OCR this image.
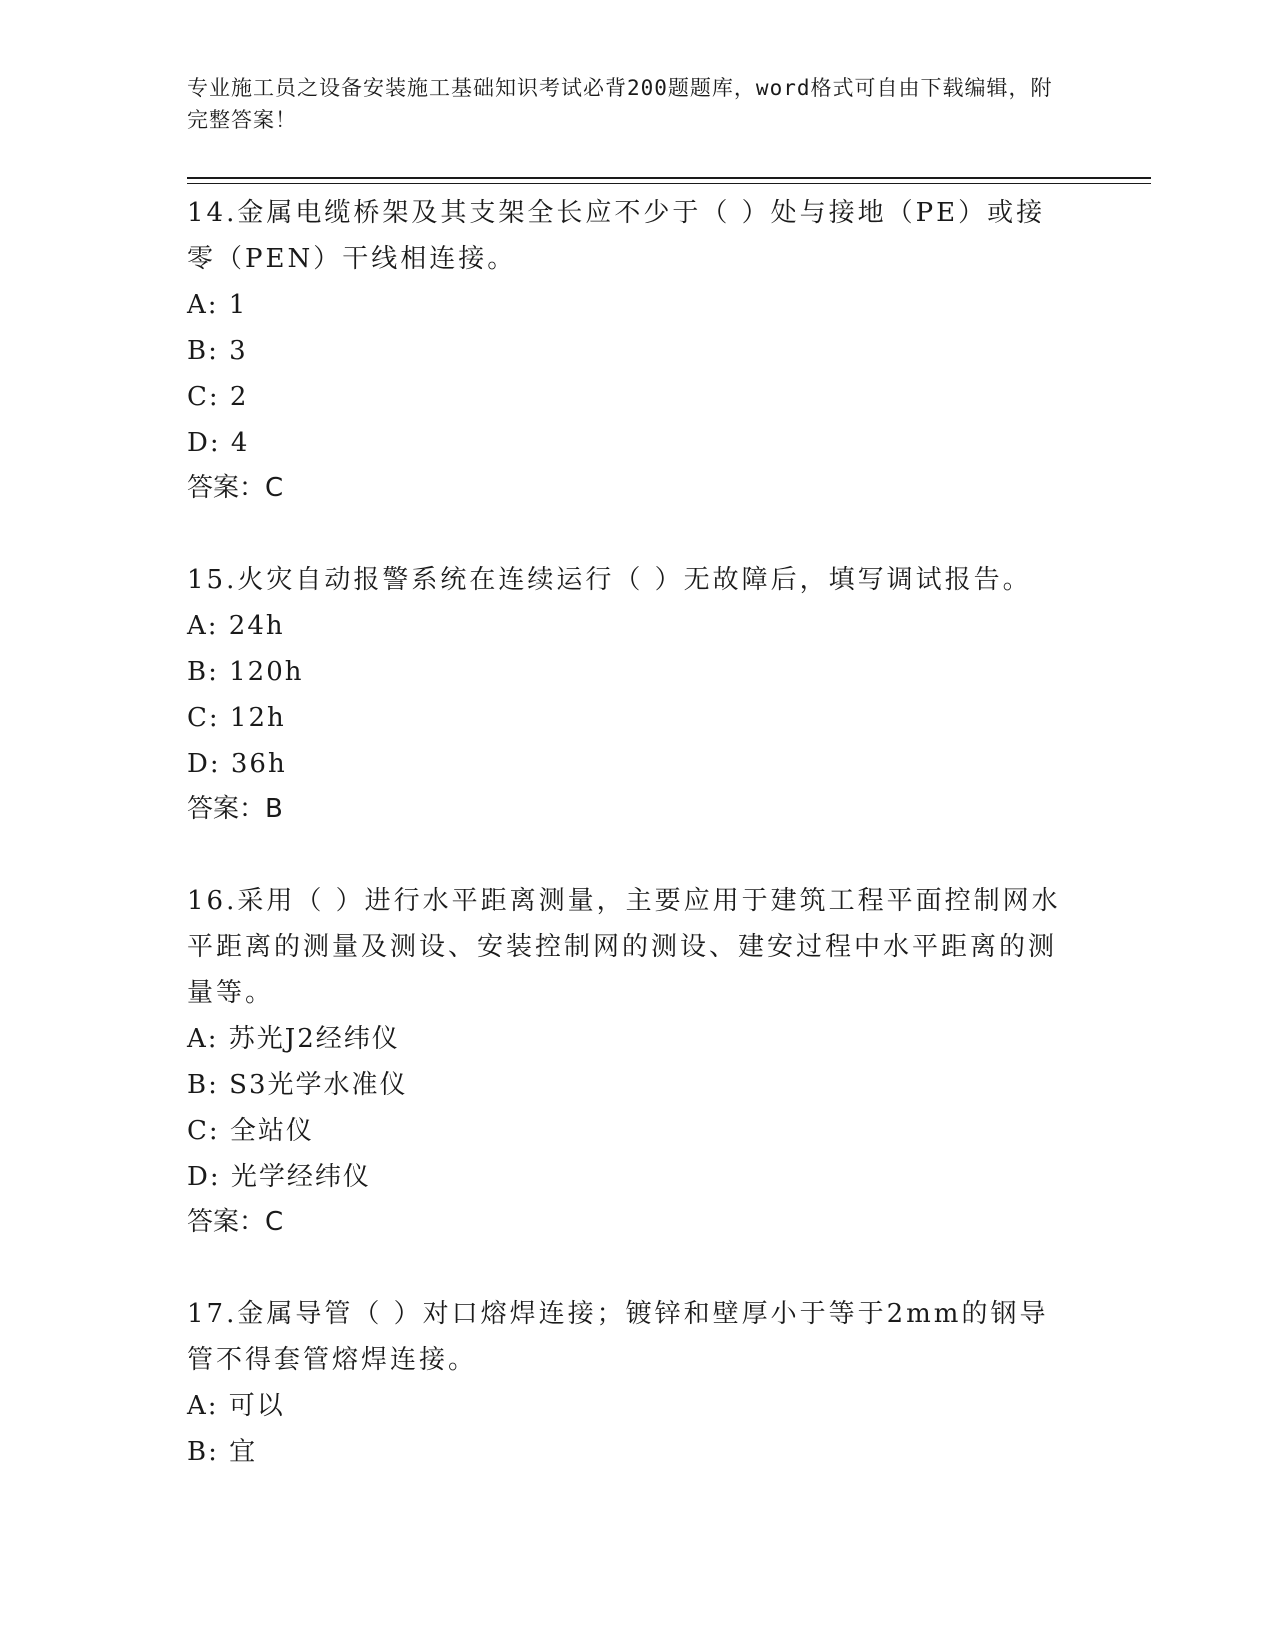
专业施工员之设备安装施工基础知识考试必背200题题库，word格式可自由下载编辑，附完整答案！

14.金属电缆桥架及其支架全长应不少于（ ）处与接地（PE）或接零（PEN）干线相连接。

A: 1

B: 3

C: 2

D: 4

答案：C

15.火灾自动报警系统在连续运行（ ）无故障后，填写调试报告。

A: 24h

B: 120h

C: 12h

D: 36h

答案：B

16.采用（ ）进行水平距离测量，主要应用于建筑工程平面控制网水平距离的测量及测设、安装控制网的测设、建安过程中水平距离的测量等。

A: 苏光J2经纬仪

B: S3光学水准仪

C: 全站仪

D: 光学经纬仪

答案：C

17.金属导管（ ）对口熔焊连接；镀锌和壁厚小于等于2mm的钢导管不得套管熔焊连接。

A: 可以

B: 宜
